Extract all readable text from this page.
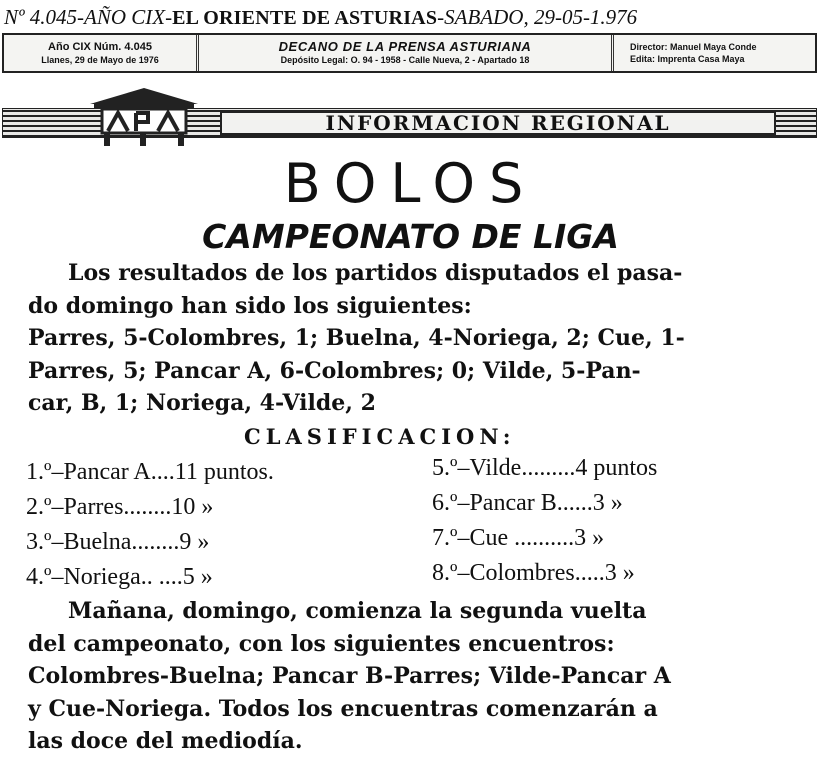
Nº 4.045-AÑO CIX-EL ORIENTE DE ASTURIAS-SABADO, 29-05-1.976
Año CIX Núm. 4.045
Llanes, 29 de Mayo de 1976
DECANO DE LA PRENSA ASTURIANA
Depósito Legal: O. 94 - 1958 - Calle Nueva, 2 - Apartado 18
Director: Manuel Maya Conde
Edita: Imprenta Casa Maya
INFORMACION REGIONAL
BOLOS
CAMPEONATO DE LIGA
Los resultados de los partidos disputados el pasa-
do domingo han sido los siguientes:
Parres, 5-Colombres, 1; Buelna, 4-Noriega, 2; Cue, 1-
Parres, 5; Pancar A, 6-Colombres; 0; Vilde, 5-Pan-
car, B, 1; Noriega, 4-Vilde, 2
CLASIFICACION:
1.º–Pancar A....11 puntos.
2.º–Parres........10 »
3.º–Buelna........9 »
4.º–Noriega.. ....5 »
5.º–Vilde.........4 puntos
6.º–Pancar B......3 »
7.º–Cue ..........3 »
8.º–Colombres.....3 »
Mañana, domingo, comienza la segunda vuelta
del campeonato, con los siguientes encuentros:
Colombres-Buelna; Pancar B-Parres; Vilde-Pancar A
y Cue-Noriega. Todos los encuentras comenzarán a
las doce del mediodía.
